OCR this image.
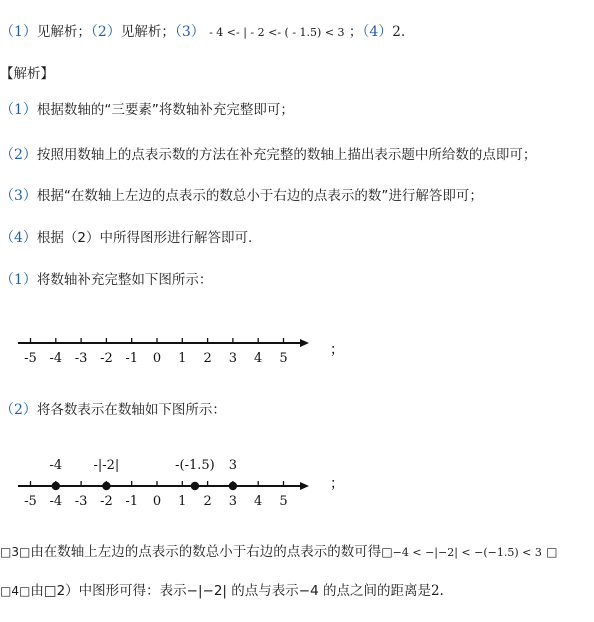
（1）见解析；（2）见解析；（3） - 4 <- | - 2 <- ( - 1.5) < 3 ；（4）2.
【解析】
（1）根据数轴的“三要素”将数轴补充完整即可；
（2）按照用数轴上的点表示数的方法在补充完整的数轴上描出表示题中所给数的点即可；
（3）根据“在数轴上左边的点表示的数总小于右边的点表示的数”进行解答即可；
（4）根据（2）中所得图形进行解答即可.
（1）将数轴补充完整如下图所示：
；
-5 -4 -3 -2 -1 0 1 2 3 4 5
（2）将各数表示在数轴如下图所示：
；
-5 -4 -3 -2 -1 0 1 2 3 4 5
-4 -|-2|	-(-1.5) 3
□3□由在数轴上左边的点表示的数总小于右边的点表示的数可得□−4 < −|−2| < −(−1.5) < 3 □
□4□由□2）中图形可得：表示−|−2| 的点与表示−4 的点之间的距离是2.
